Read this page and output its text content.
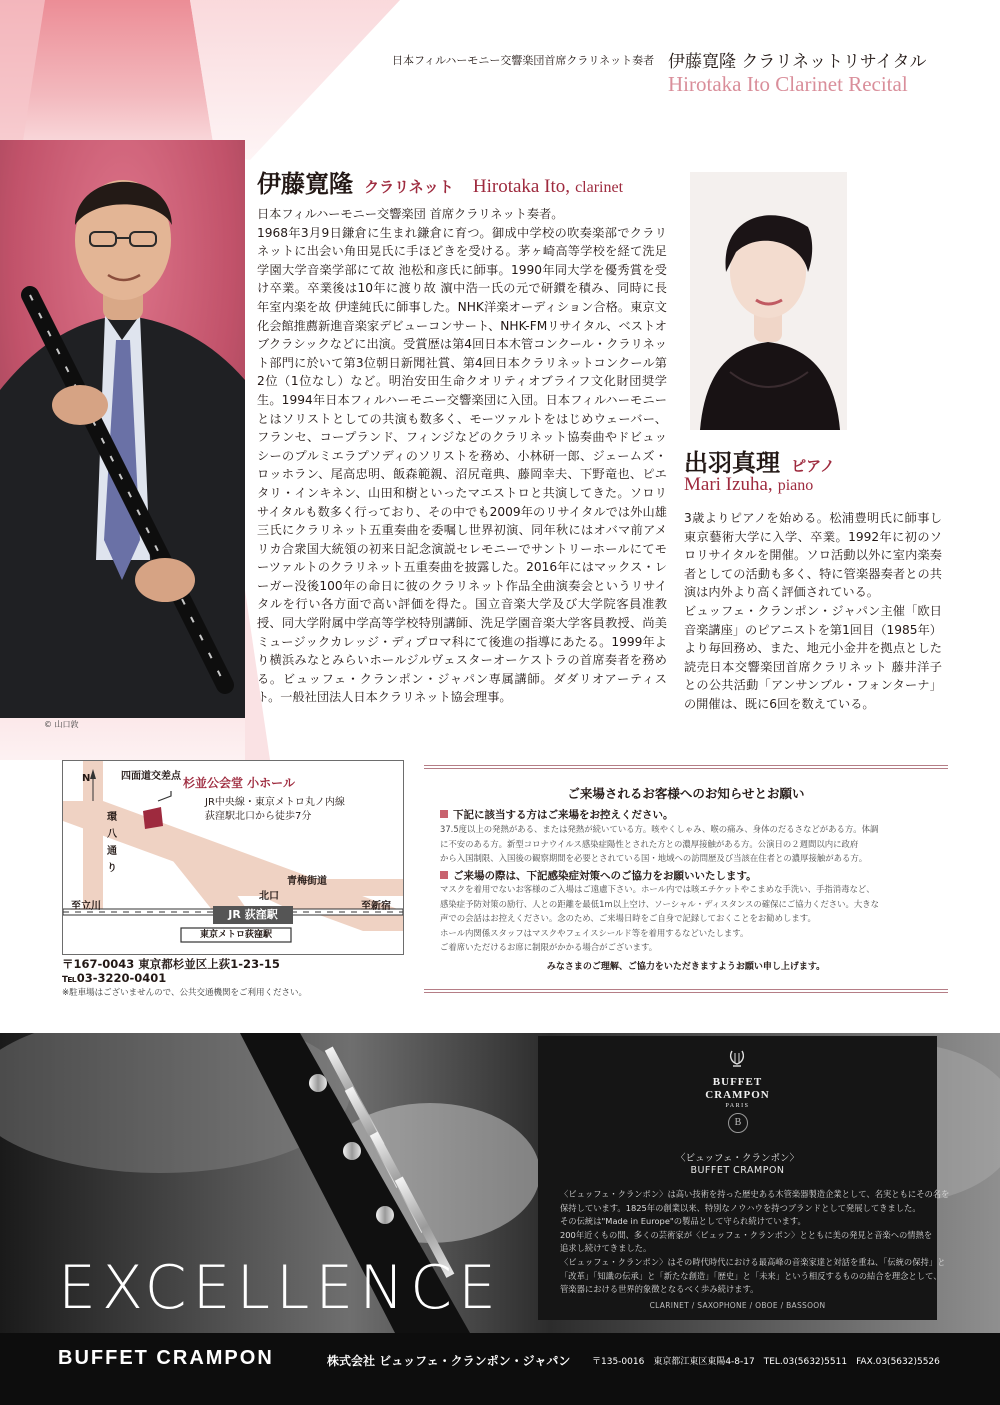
日本フィルハーモニー交響楽団首席クラリネット奏者 伊藤寛隆 クラリネットリサイタル
Hirotaka Ito Clarinet Recital
© 山口敦
伊藤寛隆 クラリネット Hirotaka Ito, clarinet

日本フィルハーモニー交響楽団 首席クラリネット奏者。

1968年3月9日鎌倉に生まれ鎌倉に育つ。御成中学校の吹奏楽部でクラリネットに出会い角田晃氏に手ほどきを受ける。茅ヶ崎高等学校を経て洗足学園大学音楽学部にて故 池松和彦氏に師事。1990年同大学を優秀賞を受け卒業。卒業後は10年に渡り故 濵中浩一氏の元で研鑚を積み、同時に長年室内楽を故 伊達純氏に師事した。NHK洋楽オーディション合格。東京文化会館推薦新進音楽家デビューコンサート、NHK-FMリサイタル、ベストオブクラシックなどに出演。受賞歴は第4回日本木管コンクール・クラリネット部門に於いて第3位朝日新聞社賞、第4回日本クラリネットコンクール第2位（1位なし）など。明治安田生命クオリティオブライフ文化財団奨学生。1994年日本フィルハーモニー交響楽団に入団。日本フィルハーモニーとはソリストとしての共演も数多く、モーツァルトをはじめウェーバー、フランセ、コープランド、フィンジなどのクラリネット協奏曲やドビュッシーのプルミエラプソディのソリストを務め、小林研一郎、ジェームズ・ロッホラン、尾高忠明、飯森範親、沼尻竜典、藤岡幸夫、下野竜也、ピエタリ・インキネン、山田和樹といったマエストロと共演してきた。ソロリサイタルも数多く行っており、その中でも2009年のリサイタルでは外山雄三氏にクラリネット五重奏曲を委嘱し世界初演、同年秋にはオバマ前アメリカ合衆国大統領の初来日記念演説セレモニーでサントリーホールにてモーツァルトのクラリネット五重奏曲を披露した。2016年にはマックス・レーガー没後100年の命日に彼のクラリネット作品全曲演奏会というリサイタルを行い各方面で高い評価を得た。国立音楽大学及び大学院客員准教授、同大学附属中学高等学校特別講師、洗足学園音楽大学客員教授、尚美ミュージックカレッジ・ディプロマ科にて後進の指導にあたる。1999年より横浜みなとみらいホールジルヴェスターオーケストラの首席奏者を務める。ビュッフェ・クランポン・ジャパン専属講師。ダダリオアーティスト。一般社団法人日本クラリネット協会理事。

出羽真理 ピアノ
Mari Izuha, piano

3歳よりピアノを始める。松浦豊明氏に師事し東京藝術大学に入学、卒業。1992年に初のソロリサイタルを開催。ソロ活動以外に室内楽奏者としての活動も多く、特に管楽器奏者との共演は内外より高く評価されている。

ビュッフェ・クランポン・ジャパン主催「欧日音楽講座」のピアニストを第1回目（1985年）より毎回務め、また、地元小金井を拠点とした読売日本交響楽団首席クラリネット 藤井洋子との公共活動「アンサンブル・フォンターナ」の開催は、既に6回を数えている。

四面道交差点 杉並公会堂 小ホール
JR中央線・東京メトロ丸ノ内線
荻窪駅北口から徒歩7分
N
環八通り
青梅街道
北口
至立川	至新宿
JR 荻窪駅
東京メトロ荻窪駅
〒167-0043 東京都杉並区上荻1-23-15
℡03-3220-0401
※駐車場はございませんので、公共交通機関をご利用ください。
ご来場されるお客様へのお知らせとお願い
下記に該当する方はご来場をお控えください。

37.5度以上の発熱がある、または発熱が続いている方。咳やくしゃみ、喉の痛み、身体のだるさなどがある方。体調

に不安のある方。新型コロナウイルス感染症陽性とされた方との濃厚接触がある方。公演日の２週間以内に政府

から入国制限、入国後の観察期間を必要とされている国・地域への訪問歴及び当該在住者との濃厚接触がある方。

ご来場の際は、下記感染症対策へのご協力をお願いいたします。

マスクを着用でないお客様のご入場はご遠慮下さい。ホール内では咳エチケットやこまめな手洗い、手指消毒など、

感染症予防対策の励行、人との距離を最低1m以上空け、ソーシャル・ディスタンスの確保にご協力ください。大きな

声での会話はお控えください。念のため、ご来場日時をご自身で記録しておくことをお勧めします。

ホール内関係スタッフはマスクやフェイスシールド等を着用するなどいたします。

ご着席いただけるお席に制限がかかる場合がございます。

みなさまのご理解、ご協力をいただきますようお願い申し上げます。
EXCELLENCE
BUFFET
CRAMPON
PARIS
B
〈ビュッフェ・クランポン〉
BUFFET CRAMPON

〈ビュッフェ・クランポン〉は高い技術を持った歴史ある木管楽器製造企業として、名実ともにその名を

保持しています。1825年の創業以来、特別なノウハウを持つブランドとして発展してきました。

その伝統は"Made in Europe"の製品として守られ続けています。

200年近くもの間、多くの芸術家が〈ビュッフェ・クランポン〉とともに美の発見と音楽への情熱を

追求し続けてきました。

〈ビュッフェ・クランポン〉はその時代時代における最高峰の音楽家達と対話を重ね、「伝統の保持」と

「改革」「知識の伝承」と「新たな創造」「歴史」と「未来」という相反するものの結合を理念として、

管楽器における世界的象徴となるべく歩み続けます。

CLARINET / SAXOPHONE / OBOE / BASSOON
BUFFET CRAMPON	株式会社 ビュッフェ・クランポン・ジャパン 〒135-0016　東京都江東区東陽4-8-17　TEL.03(5632)5511　FAX.03(5632)5526
